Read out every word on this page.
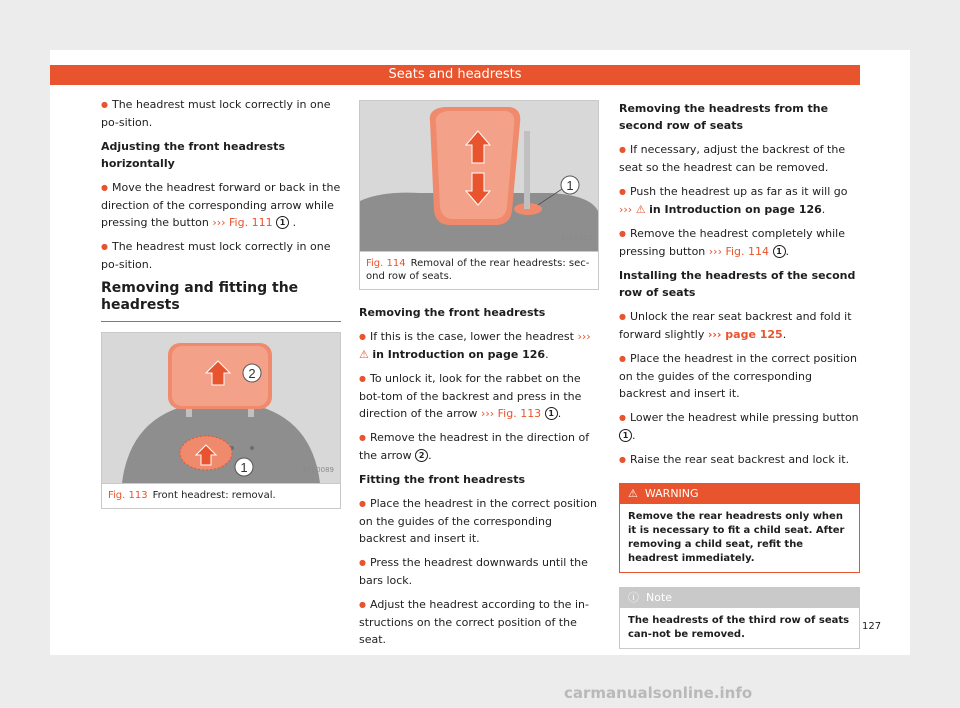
Seats and headrests

● The headrest must lock correctly in one po-sition.

Adjusting the front headrests horizontally

● Move the headrest forward or back in the direction of the corresponding arrow while pressing the button ››› Fig. 111 1 .

● The headrest must lock correctly in one po-sition.

Removing and fitting the headrests

2
1	BFJ-0089
Fig. 113 Front headrest: removal.
1
BFJ-0163
Fig. 114 Removal of the rear headrests: sec-ond row of seats.

Removing the front headrests

● If this is the case, lower the headrest ››› ⚠ in Introduction on page 126.

● To unlock it, look for the rabbet on the bot-tom of the backrest and press in the direction of the arrow ››› Fig. 113 1 .

● Remove the headrest in the direction of the arrow 2 .

Fitting the front headrests

● Place the headrest in the correct position on the guides of the corresponding backrest and insert it.

● Press the headrest downwards until the bars lock.

● Adjust the headrest according to the in-structions on the correct position of the seat.

Removing the headrests from the second row of seats

● If necessary, adjust the backrest of the seat so the headrest can be removed.

● Push the headrest up as far as it will go
››› ⚠ in Introduction on page 126.

● Remove the headrest completely while pressing button ››› Fig. 114 1 .

Installing the headrests of the second row of seats

● Unlock the rear seat backrest and fold it forward slightly ››› page 125.

● Place the headrest in the correct position on the guides of the corresponding backrest and insert it.

● Lower the headrest while pressing button
1 .

● Raise the rear seat backrest and lock it.

⚠ WARNING
Remove the rear headrests only when it is necessary to fit a child seat. After removing a child seat, refit the headrest immediately.
ⓘ Note
The headrests of the third row of seats can-not be removed.
127
carmanualsonline.info
